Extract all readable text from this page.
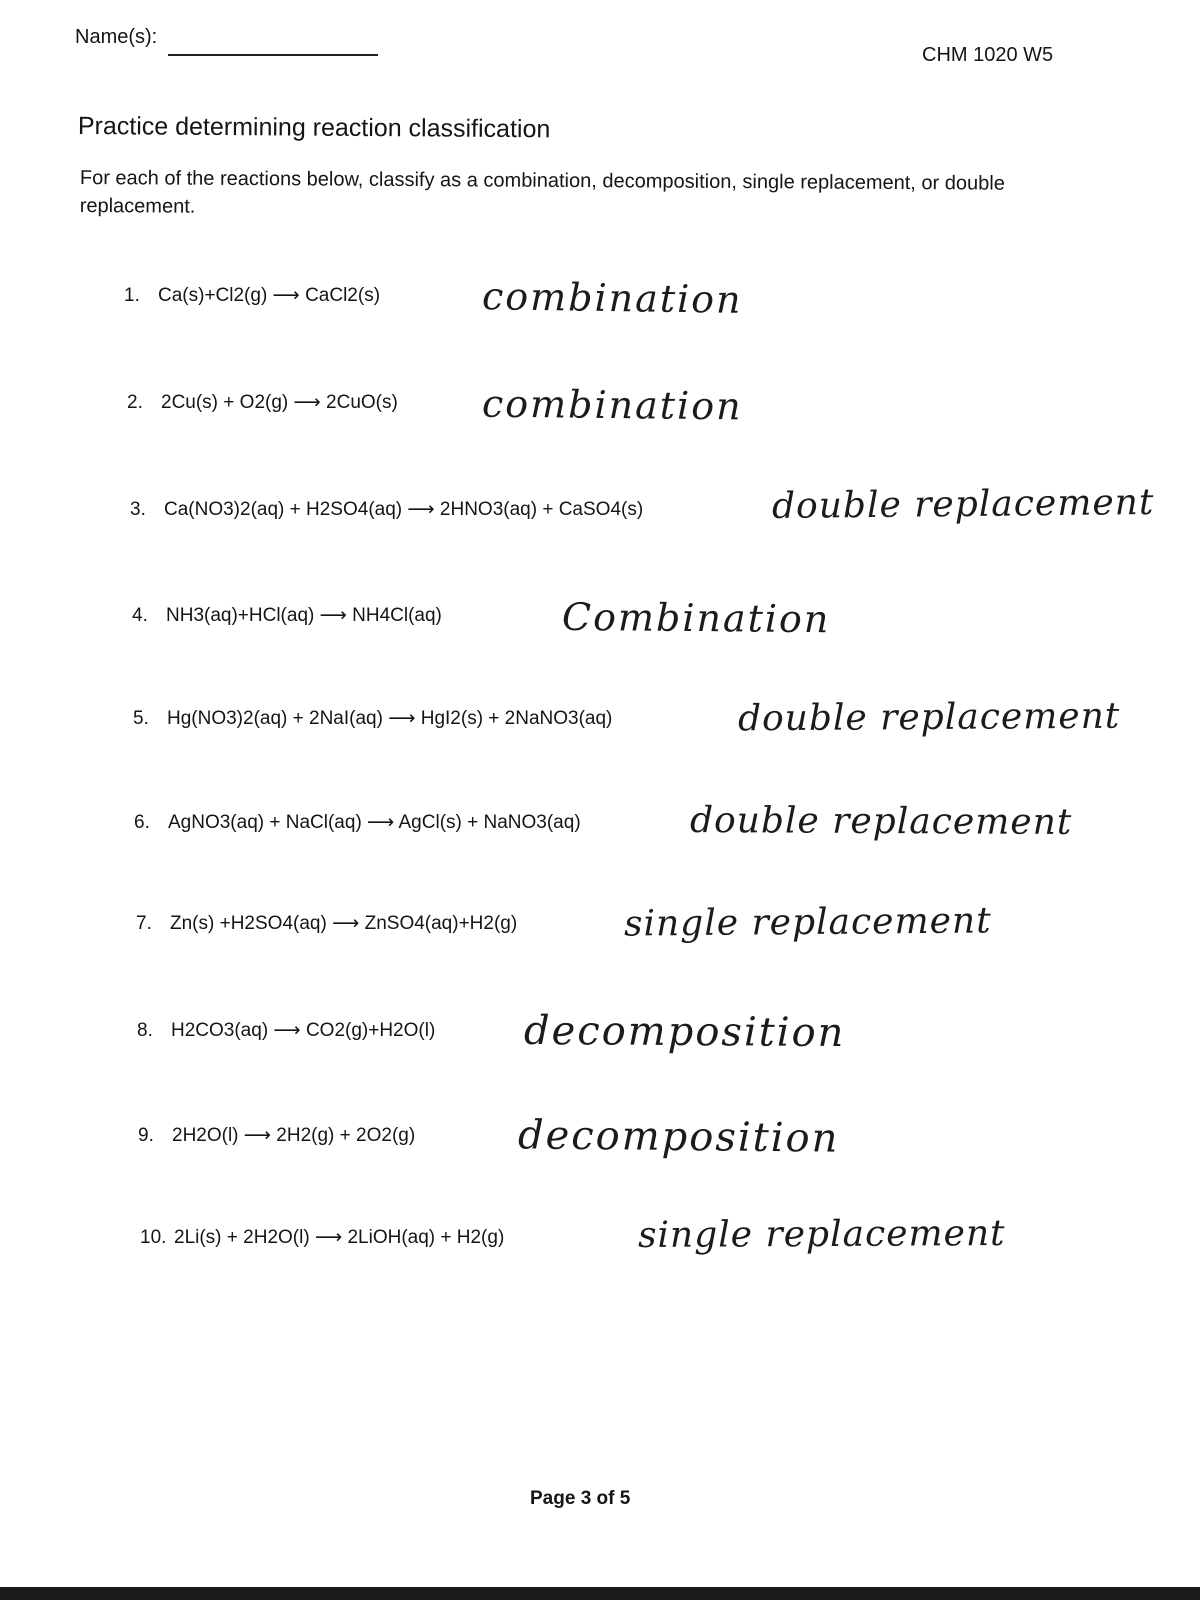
Name(s):
CHM 1020 W5
Practice determining reaction classification
For each of the reactions below, classify as a combination, decomposition, single replacement, or double replacement.
1. Ca(s)+Cl2(g) ⟶ CaCl2(s)	combination
2. 2Cu(s) + O2(g) ⟶ 2CuO(s) combination
3. Ca(NO3)2(aq) + H2SO4(aq) ⟶ 2HNO3(aq) + CaSO4(s)	double replacement
4. NH3(aq)+HCl(aq) ⟶ NH4Cl(aq)	Combination
5. Hg(NO3)2(aq) + 2NaI(aq) ⟶ HgI2(s) + 2NaNO3(aq)	double replacement
6. AgNO3(aq) + NaCl(aq) ⟶ AgCl(s) + NaNO3(aq)	double replacement
7. Zn(s) +H2SO4(aq) ⟶ ZnSO4(aq)+H2(g)	single replacement
8. H2CO3(aq) ⟶ CO2(g)+H2O(l) decomposition
9. 2H2O(l) ⟶ 2H2(g) + 2O2(g)	decomposition
10. 2Li(s) + 2H2O(l) ⟶ 2LiOH(aq) + H2(g)	single replacement
Page 3 of 5
